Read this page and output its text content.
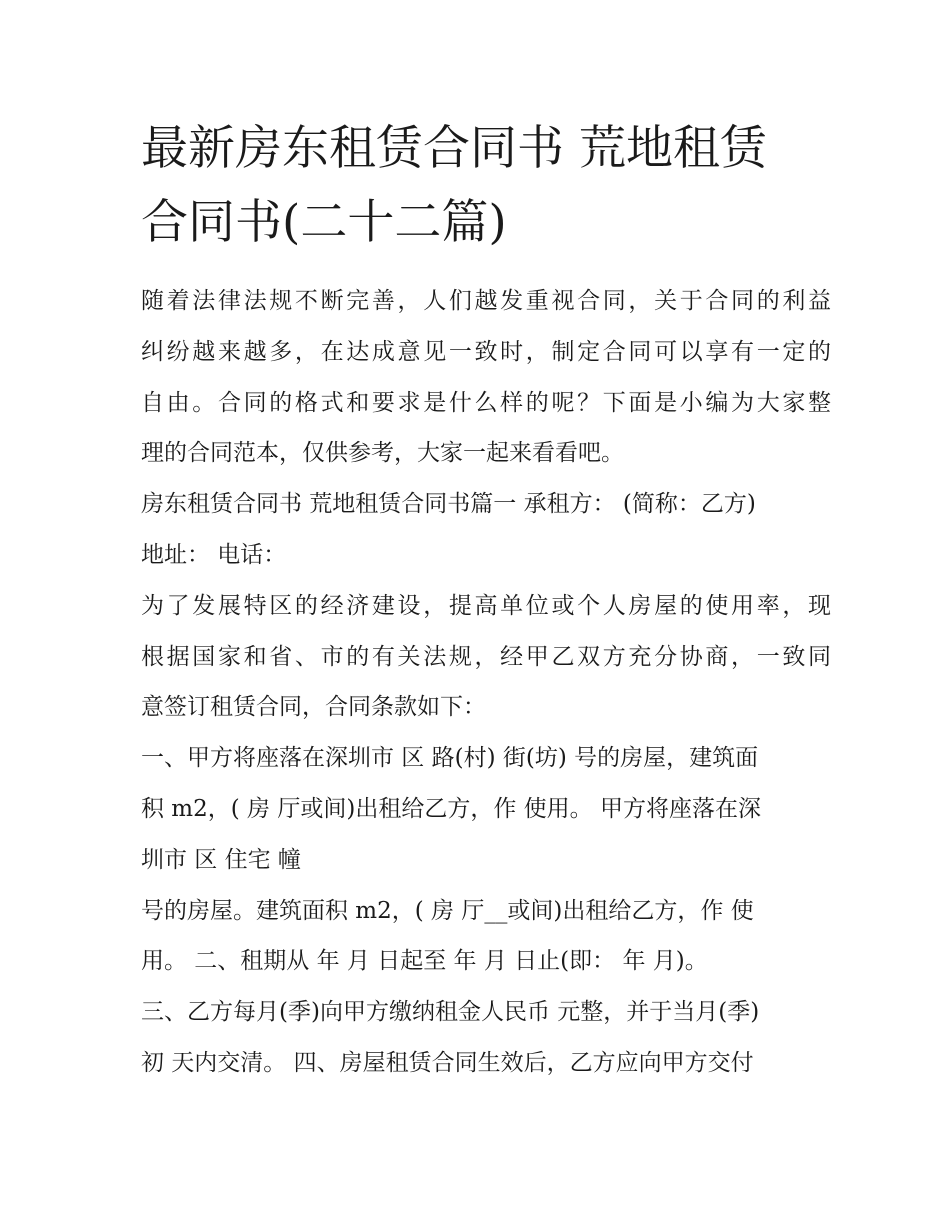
最新房东租赁合同书 荒地租赁
合同书(二十二篇)
随着法律法规不断完善，人们越发重视合同，关于合同的利益
纠纷越来越多，在达成意见一致时，制定合同可以享有一定的
自由。合同的格式和要求是什么样的呢？下面是小编为大家整
理的合同范本，仅供参考，大家一起来看看吧。
房东租赁合同书 荒地租赁合同书篇一 承租方： (简称：乙方)
地址： 电话：
为了发展特区的经济建设，提高单位或个人房屋的使用率，现
根据国家和省、市的有关法规，经甲乙双方充分协商，一致同
意签订租赁合同，合同条款如下：
一、甲方将座落在深圳市 区 路(村) 街(坊) 号的房屋，建筑面
积 m2，( 房 厅或间)出租给乙方，作 使用。 甲方将座落在深
圳市 区 住宅 幢
号的房屋。建筑面积 m2，( 房 厅__或间)出租给乙方，作 使
用。 二、租期从 年 月 日起至 年 月 日止(即： 年 月)。
三、乙方每月(季)向甲方缴纳租金人民币 元整，并于当月(季)
初 天内交清。 四、房屋租赁合同生效后，乙方应向甲方交付
